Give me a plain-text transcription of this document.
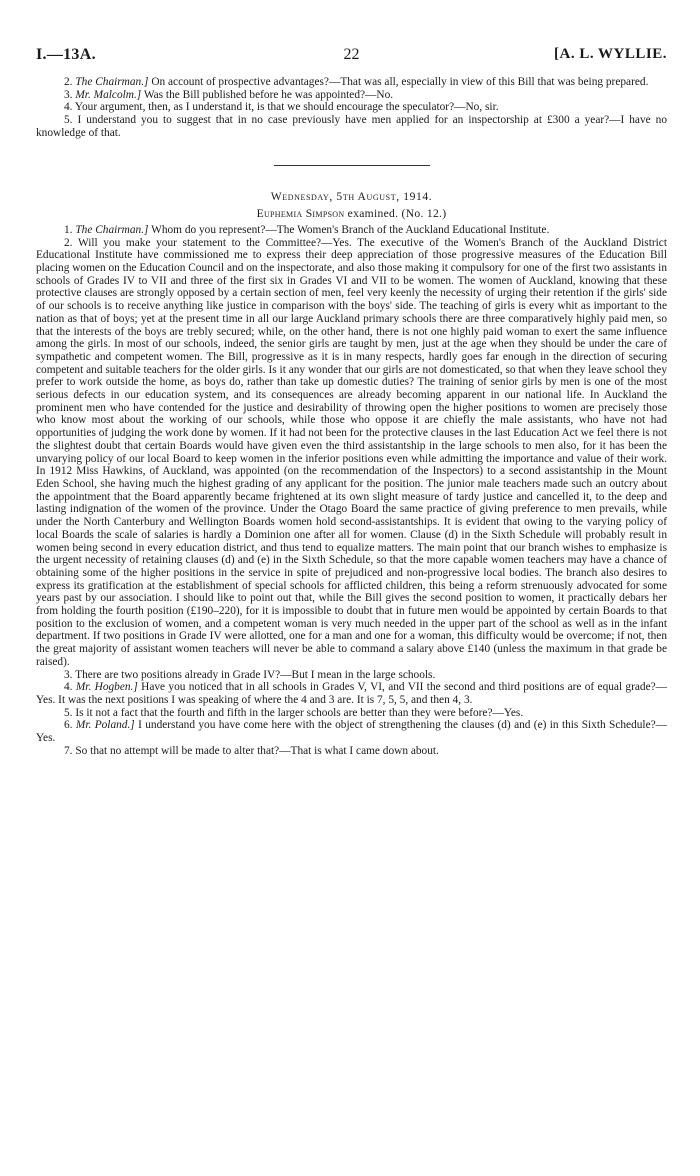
I.—13A.	22	[A. L. WYLLIE.

2. The Chairman.] On account of prospective advantages?—That was all, especially in view of this Bill that was being prepared.

3. Mr. Malcolm.] Was the Bill published before he was appointed?—No.

4. Your argument, then, as I understand it, is that we should encourage the speculator?—No, sir.

5. I understand you to suggest that in no case previously have men applied for an inspectorship at £300 a year?—I have no knowledge of that.

Wednesday, 5th August, 1914.

Euphemia Simpson examined. (No. 12.)

1. The Chairman.] Whom do you represent?—The Women's Branch of the Auckland Educational Institute.

2. Will you make your statement to the Committee?—Yes. The executive of the Women's Branch of the Auckland District Educational Institute have commissioned me to express their deep appreciation of those progressive measures of the Education Bill placing women on the Education Council and on the inspectorate, and also those making it compulsory for one of the first two assistants in schools of Grades IV to VII and three of the first six in Grades VI and VII to be women. The women of Auckland, knowing that these protective clauses are strongly opposed by a certain section of men, feel very keenly the necessity of urging their retention if the girls' side of our schools is to receive anything like justice in comparison with the boys' side. The teaching of girls is every whit as important to the nation as that of boys; yet at the present time in all our large Auckland primary schools there are three comparatively highly paid men, so that the interests of the boys are trebly secured; while, on the other hand, there is not one highly paid woman to exert the same influence among the girls. In most of our schools, indeed, the senior girls are taught by men, just at the age when they should be under the care of sympathetic and competent women. The Bill, progressive as it is in many respects, hardly goes far enough in the direction of securing competent and suitable teachers for the older girls. Is it any wonder that our girls are not domesticated, so that when they leave school they prefer to work outside the home, as boys do, rather than take up domestic duties? The training of senior girls by men is one of the most serious defects in our education system, and its consequences are already becoming apparent in our national life. In Auckland the prominent men who have contended for the justice and desirability of throwing open the higher positions to women are precisely those who know most about the working of our schools, while those who oppose it are chiefly the male assistants, who have not had opportunities of judging the work done by women. If it had not been for the protective clauses in the last Education Act we feel there is not the slightest doubt that certain Boards would have given even the third assistantship in the large schools to men also, for it has been the unvarying policy of our local Board to keep women in the inferior positions even while admitting the importance and value of their work. In 1912 Miss Hawkins, of Auckland, was appointed (on the recommendation of the Inspectors) to a second assistantship in the Mount Eden School, she having much the highest grading of any applicant for the position. The junior male teachers made such an outcry about the appointment that the Board apparently became frightened at its own slight measure of tardy justice and cancelled it, to the deep and lasting indignation of the women of the province. Under the Otago Board the same practice of giving preference to men prevails, while under the North Canterbury and Wellington Boards women hold second-assistantships. It is evident that owing to the varying policy of local Boards the scale of salaries is hardly a Dominion one after all for women. Clause (d) in the Sixth Schedule will probably result in women being second in every education district, and thus tend to equalize matters. The main point that our branch wishes to emphasize is the urgent necessity of retaining clauses (d) and (e) in the Sixth Schedule, so that the more capable women teachers may have a chance of obtaining some of the higher positions in the service in spite of prejudiced and non-progressive local bodies. The branch also desires to express its gratification at the establishment of special schools for afflicted children, this being a reform strenuously advocated for some years past by our association. I should like to point out that, while the Bill gives the second position to women, it practically debars her from holding the fourth position (£190–220), for it is impossible to doubt that in future men would be appointed by certain Boards to that position to the exclusion of women, and a competent woman is very much needed in the upper part of the school as well as in the infant department. If two positions in Grade IV were allotted, one for a man and one for a woman, this difficulty would be overcome; if not, then the great majority of assistant women teachers will never be able to command a salary above £140 (unless the maximum in that grade be raised).

3. There are two positions already in Grade IV?—But I mean in the large schools.

4. Mr. Hogben.] Have you noticed that in all schools in Grades V, VI, and VII the second and third positions are of equal grade?—Yes. It was the next positions I was speaking of where the 4 and 3 are. It is 7, 5, 5, and then 4, 3.

5. Is it not a fact that the fourth and fifth in the larger schools are better than they were before?—Yes.

6. Mr. Poland.] I understand you have come here with the object of strengthening the clauses (d) and (e) in this Sixth Schedule?—Yes.

7. So that no attempt will be made to alter that?—That is what I came down about.
